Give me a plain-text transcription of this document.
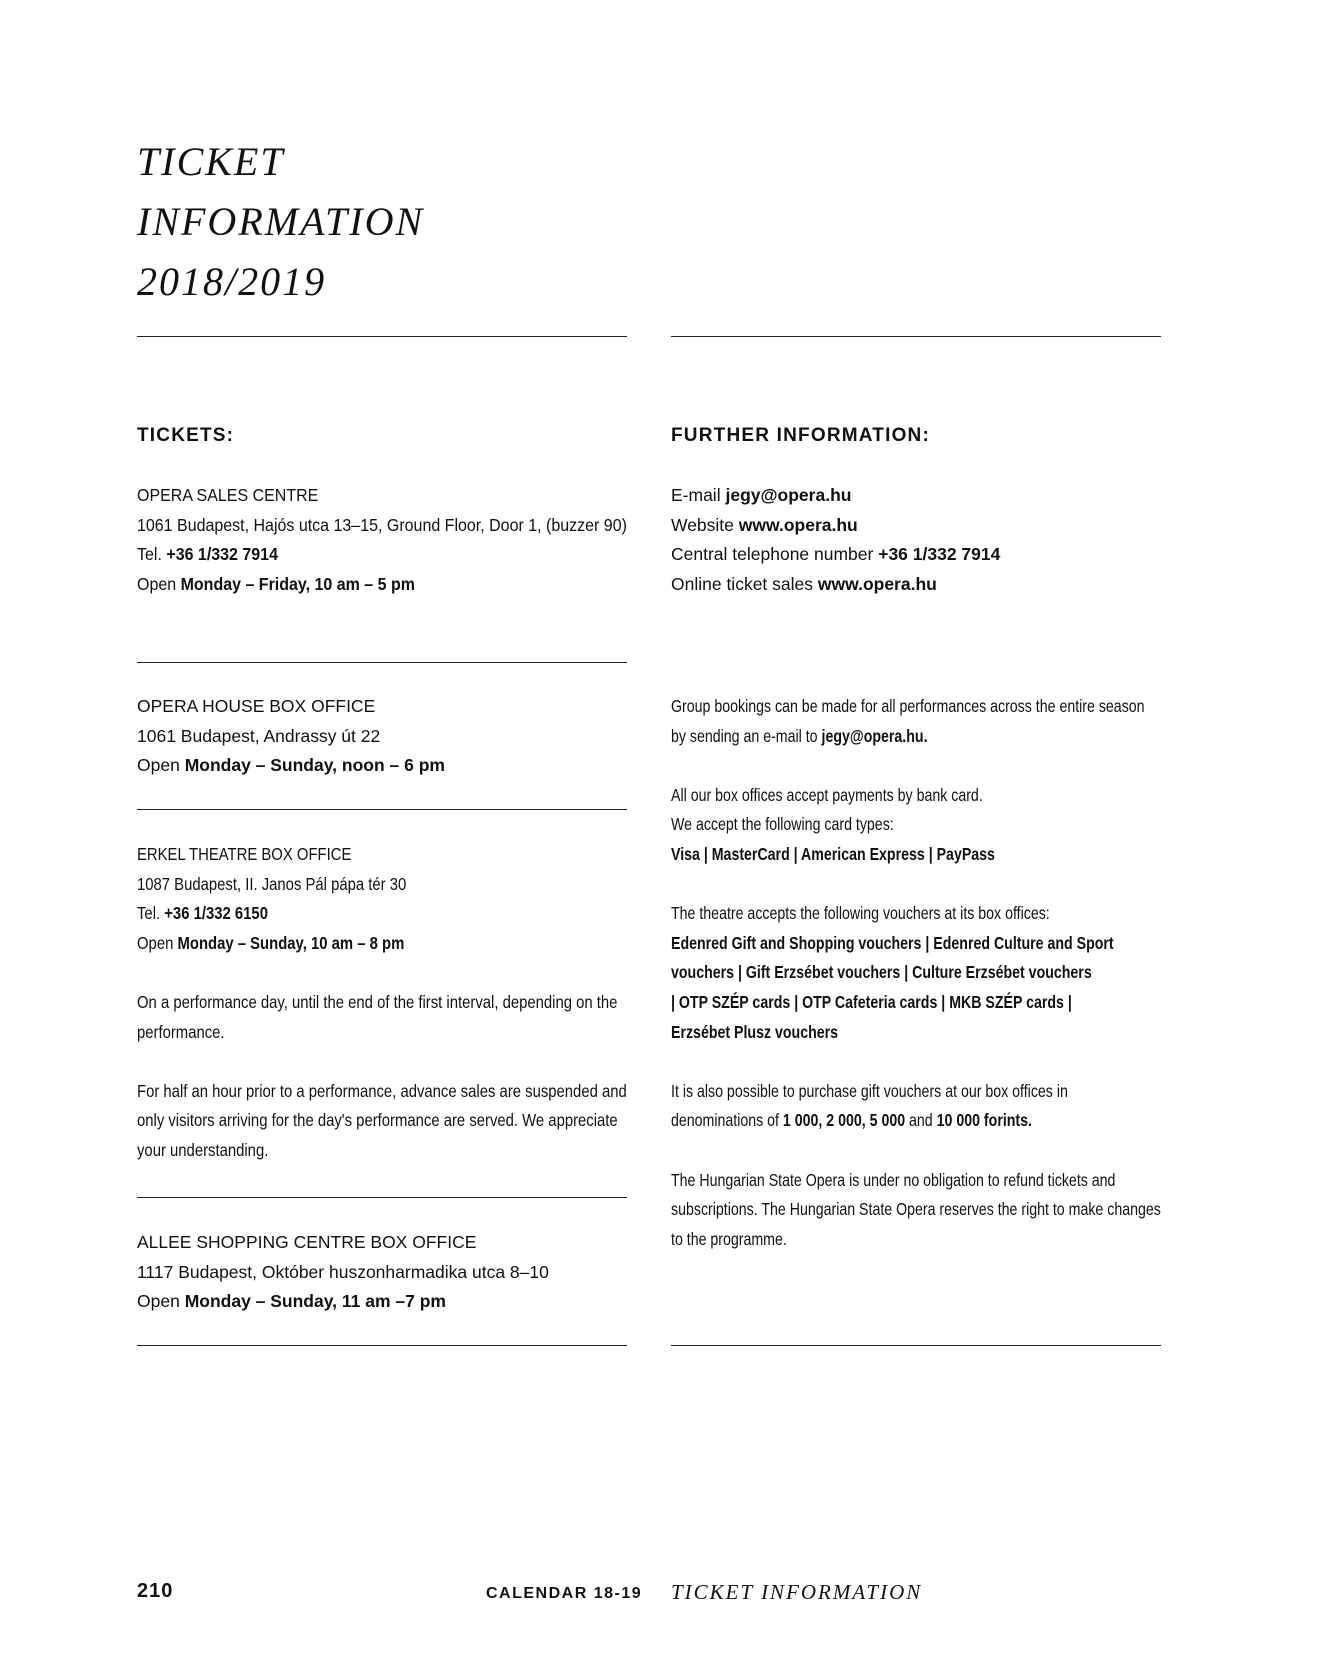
TICKET
INFORMATION
2018/2019
TICKETS:

OPERA SALES CENTRE

1061 Budapest, Hajós utca 13–15, Ground Floor, Door 1, (buzzer 90)

Tel. +36 1/332 7914

Open Monday – Friday, 10 am – 5 pm

OPERA HOUSE BOX OFFICE

1061 Budapest, Andrassy út 22

Open Monday – Sunday, noon – 6 pm

ERKEL THEATRE BOX OFFICE

1087 Budapest, II. Janos Pál pápa tér 30

Tel. +36 1/332 6150

Open Monday – Sunday, 10 am – 8 pm

On a performance day, until the end of the first interval, depending on the

performance.

For half an hour prior to a performance, advance sales are suspended and

only visitors arriving for the day's performance are served. We appreciate

your understanding.

ALLEE SHOPPING CENTRE BOX OFFICE

1117 Budapest, Október huszonharmadika utca 8–10

Open Monday – Sunday, 11 am –7 pm

FURTHER INFORMATION:

E-mail jegy@opera.hu

Website www.opera.hu

Central telephone number +36 1/332 7914

Online ticket sales www.opera.hu

Group bookings can be made for all performances across the entire season

by sending an e-mail to jegy@opera.hu.

All our box offices accept payments by bank card.

We accept the following card types:

Visa | MasterCard | American Express | PayPass

The theatre accepts the following vouchers at its box offices:

Edenred Gift and Shopping vouchers | Edenred Culture and Sport

vouchers | Gift Erzsébet vouchers | Culture Erzsébet vouchers

| OTP SZÉP cards | OTP Cafeteria cards | MKB SZÉP cards |

Erzsébet Plusz vouchers

It is also possible to purchase gift vouchers at our box offices in

denominations of 1 000, 2 000, 5 000 and 10 000 forints.

The Hungarian State Opera is under no obligation to refund tickets and

subscriptions. The Hungarian State Opera reserves the right to make changes

to the programme.

210	CALENDAR 18-19 TICKET INFORMATION
